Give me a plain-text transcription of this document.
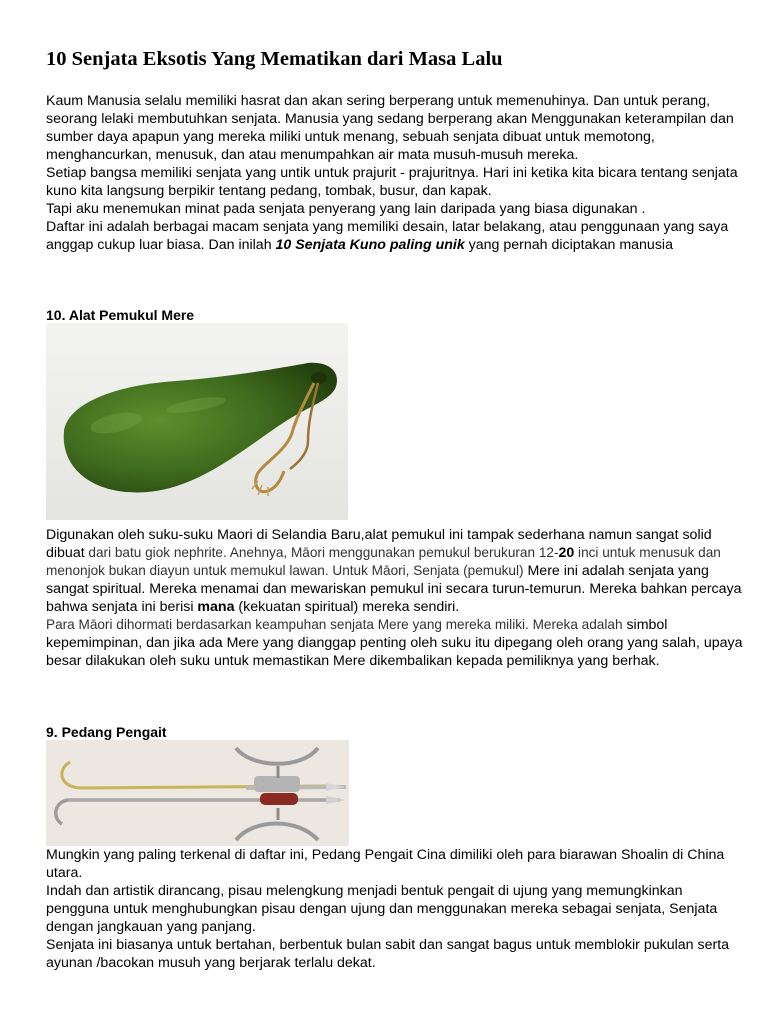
10 Senjata Eksotis Yang Mematikan dari Masa Lalu

Kaum Manusia selalu memiliki hasrat dan akan sering berperang untuk memenuhinya. Dan untuk perang, seorang lelaki membutuhkan senjata. Manusia yang sedang berperang akan Menggunakan keterampilan dan sumber daya apapun yang mereka miliki untuk menang, sebuah senjata dibuat untuk memotong, menghancurkan, menusuk, dan atau menumpahkan air mata musuh-musuh mereka.

Setiap bangsa memiliki senjata yang untik untuk prajurit - prajuritnya. Hari ini ketika kita bicara tentang senjata kuno kita langsung berpikir tentang pedang, tombak, busur, dan kapak.

Tapi aku menemukan minat pada senjata penyerang yang lain daripada yang biasa digunakan .

Daftar ini adalah berbagai macam senjata yang memiliki desain, latar belakang, atau penggunaan yang saya anggap cukup luar biasa. Dan inilah 10 Senjata Kuno paling unik yang pernah diciptakan manusia

10. Alat Pemukul Mere

Digunakan oleh suku-suku Maori di Selandia Baru,alat pemukul ini tampak sederhana namun sangat solid dibuat dari batu giok nephrite. Anehnya, Māori menggunakan pemukul berukuran 12-20 inci untuk menusuk dan menonjok bukan diayun untuk memukul lawan. Untuk Māori, Senjata (pemukul) Mere ini adalah senjata yang sangat spiritual. Mereka menamai dan mewariskan pemukul ini secara turun-temurun. Mereka bahkan percaya bahwa senjata ini berisi mana (kekuatan spiritual) mereka sendiri.

Para Māori dihormati berdasarkan keampuhan senjata Mere yang mereka miliki. Mereka adalah simbol kepemimpinan, dan jika ada Mere yang dianggap penting oleh suku itu dipegang oleh orang yang salah, upaya besar dilakukan oleh suku untuk memastikan Mere dikembalikan kepada pemiliknya yang berhak.

9. Pedang Pengait

Mungkin yang paling terkenal di daftar ini, Pedang Pengait Cina dimiliki oleh para biarawan Shoalin di China utara.

Indah dan artistik dirancang, pisau melengkung menjadi bentuk pengait di ujung yang memungkinkan pengguna untuk menghubungkan pisau dengan ujung dan menggunakan mereka sebagai senjata, Senjata dengan jangkauan yang panjang.

Senjata ini biasanya untuk bertahan, berbentuk bulan sabit dan sangat bagus untuk memblokir pukulan serta ayunan /bacokan musuh yang berjarak terlalu dekat.
